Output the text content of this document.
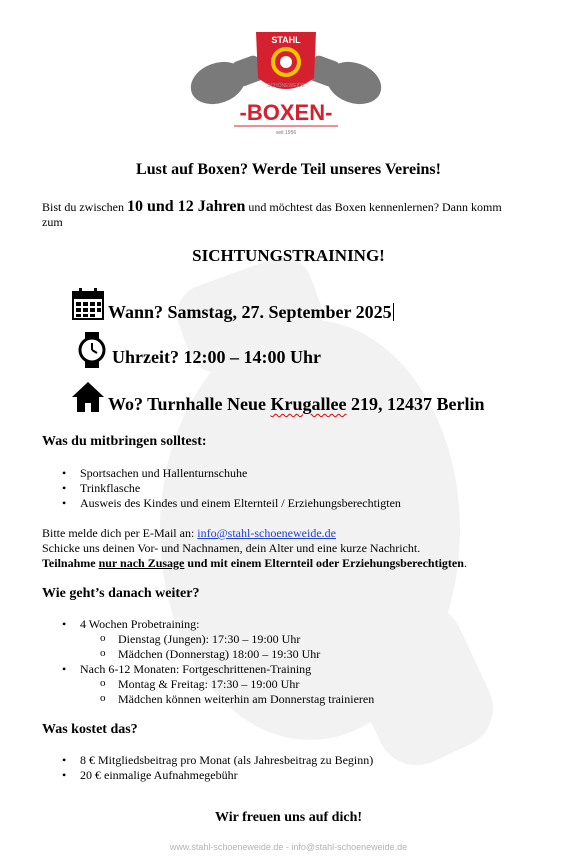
STAHL
SCHÖNEWEIDE
-BOXEN-
seit 1956
Lust auf Boxen? Werde Teil unseres Vereins!
Bist du zwischen 10 und 12 Jahren und möchtest das Boxen kennenlernen? Dann komm zum
SICHTUNGSTRAINING!
Wann? Samstag, 27. September 2025
Uhrzeit? 12:00 – 14:00 Uhr
Wo? Turnhalle Neue Krugallee 219, 12437 Berlin
Was du mitbringen solltest:
• Sportsachen und Hallenturnschuhe
• Trinkflasche
• Ausweis des Kindes und einem Elternteil / Erziehungsberechtigten
Bitte melde dich per E-Mail an: info@stahl-schoeneweide.de
Schicke uns deinen Vor- und Nachnamen, dein Alter und eine kurze Nachricht.
Teilnahme nur nach Zusage und mit einem Elternteil oder Erziehungsberechtigten.
Wie geht’s danach weiter?
• 4 Wochen Probetraining:
o Dienstag (Jungen): 17:30 – 19:00 Uhr
o Mädchen (Donnerstag) 18:00 – 19:30 Uhr
• Nach 6-12 Monaten: Fortgeschrittenen-Training
o Montag & Freitag: 17:30 – 19:00 Uhr
o Mädchen können weiterhin am Donnerstag trainieren
Was kostet das?
• 8 € Mitgliedsbeitrag pro Monat (als Jahresbeitrag zu Beginn)
• 20 € einmalige Aufnahmegebühr
Wir freuen uns auf dich!
www.stahl-schoeneweide.de - info@stahl-schoeneweide.de
